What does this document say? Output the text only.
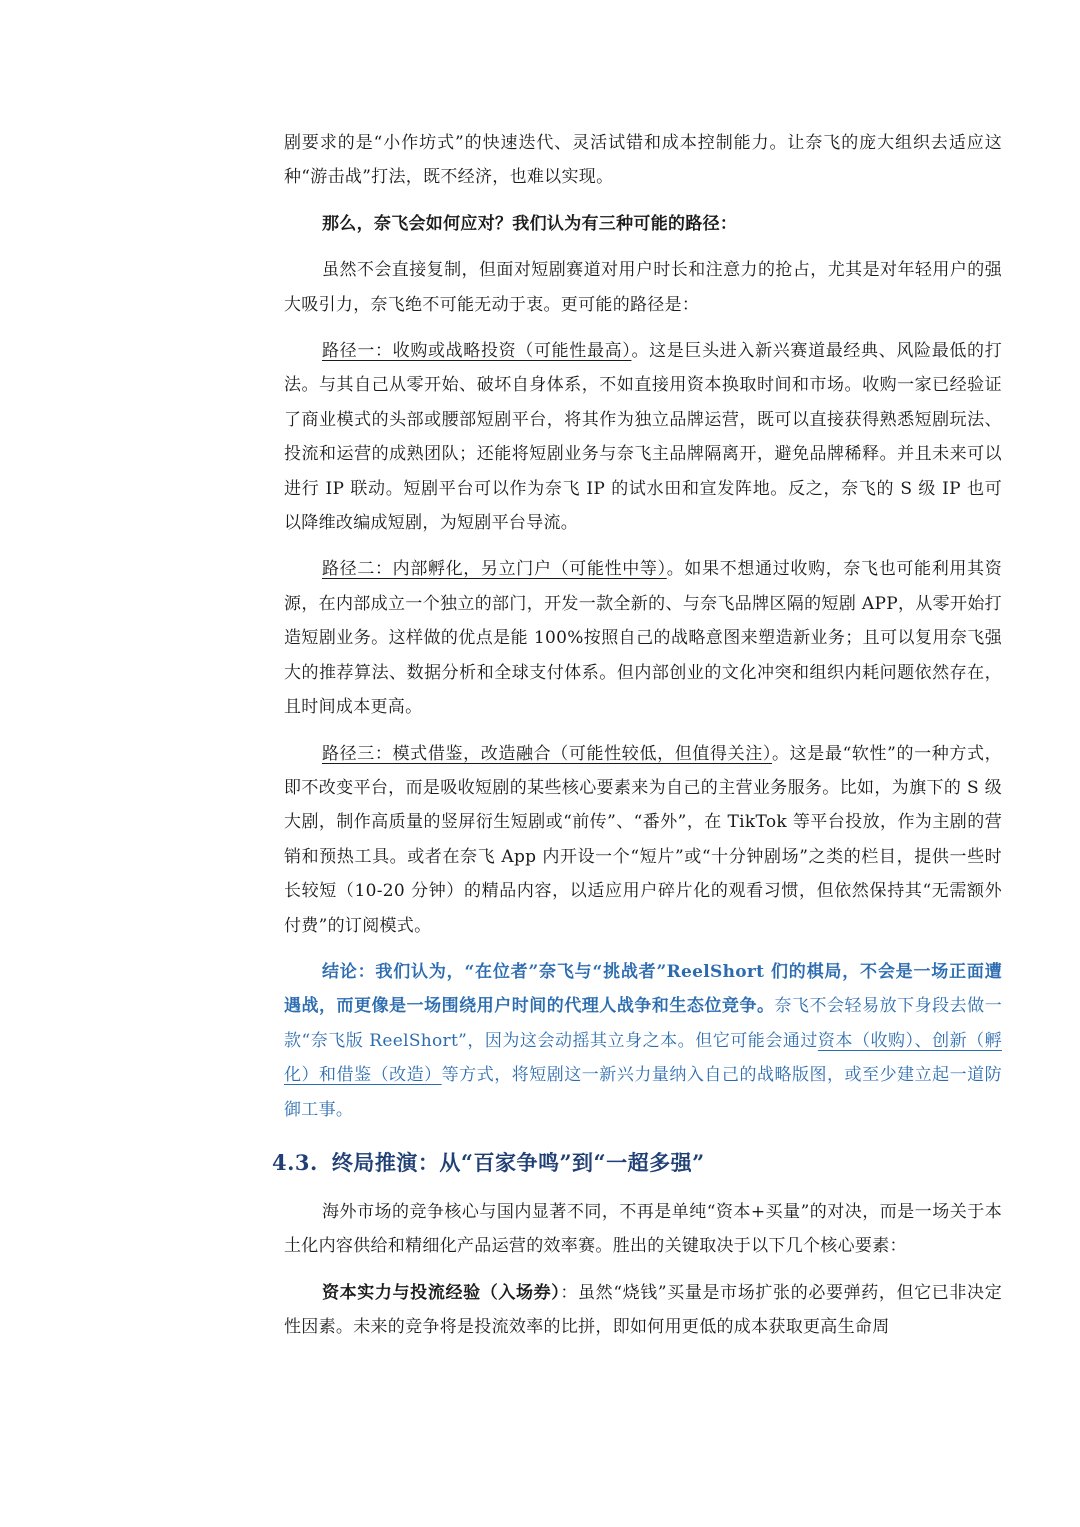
剧要求的是“小作坊式”的快速迭代、灵活试错和成本控制能力。让奈飞的庞大组织去适应这种“游击战”打法，既不经济，也难以实现。

那么，奈飞会如何应对？我们认为有三种可能的路径：

虽然不会直接复制，但面对短剧赛道对用户时长和注意力的抢占，尤其是对年轻用户的强大吸引力，奈飞绝不可能无动于衷。更可能的路径是：

路径一：收购或战略投资（可能性最高）。这是巨头进入新兴赛道最经典、风险最低的打法。与其自己从零开始、破坏自身体系，不如直接用资本换取时间和市场。收购一家已经验证了商业模式的头部或腰部短剧平台，将其作为独立品牌运营，既可以直接获得熟悉短剧玩法、投流和运营的成熟团队；还能将短剧业务与奈飞主品牌隔离开，避免品牌稀释。并且未来可以进行 IP 联动。短剧平台可以作为奈飞 IP 的试水田和宣发阵地。反之，奈飞的 S 级 IP 也可以降维改编成短剧，为短剧平台导流。

路径二：内部孵化，另立门户（可能性中等）。如果不想通过收购，奈飞也可能利用其资源，在内部成立一个独立的部门，开发一款全新的、与奈飞品牌区隔的短剧 APP，从零开始打造短剧业务。这样做的优点是能 100%按照自己的战略意图来塑造新业务；且可以复用奈飞强大的推荐算法、数据分析和全球支付体系。但内部创业的文化冲突和组织内耗问题依然存在，且时间成本更高。

路径三：模式借鉴，改造融合（可能性较低，但值得关注）。这是最“软性”的一种方式，即不改变平台，而是吸收短剧的某些核心要素来为自己的主营业务服务。比如，为旗下的 S 级大剧，制作高质量的竖屏衍生短剧或“前传”、“番外”，在 TikTok 等平台投放，作为主剧的营销和预热工具。或者在奈飞 App 内开设一个“短片”或“十分钟剧场”之类的栏目，提供一些时长较短（10-20 分钟）的精品内容，以适应用户碎片化的观看习惯，但依然保持其“无需额外付费”的订阅模式。

结论：我们认为，“在位者”奈飞与“挑战者”ReelShort 们的棋局，不会是一场正面遭遇战，而更像是一场围绕用户时间的代理人战争和生态位竞争。奈飞不会轻易放下身段去做一款“奈飞版 ReelShort”，因为这会动摇其立身之本。但它可能会通过资本（收购）、创新（孵化）和借鉴（改造）等方式，将短剧这一新兴力量纳入自己的战略版图，或至少建立起一道防御工事。

4.3. 终局推演：从“百家争鸣”到“一超多强”

海外市场的竞争核心与国内显著不同，不再是单纯“资本+买量”的对决，而是一场关于本土化内容供给和精细化产品运营的效率赛。胜出的关键取决于以下几个核心要素：

资本实力与投流经验（入场券）：虽然“烧钱”买量是市场扩张的必要弹药，但它已非决定性因素。未来的竞争将是投流效率的比拼，即如何用更低的成本获取更高生命周
